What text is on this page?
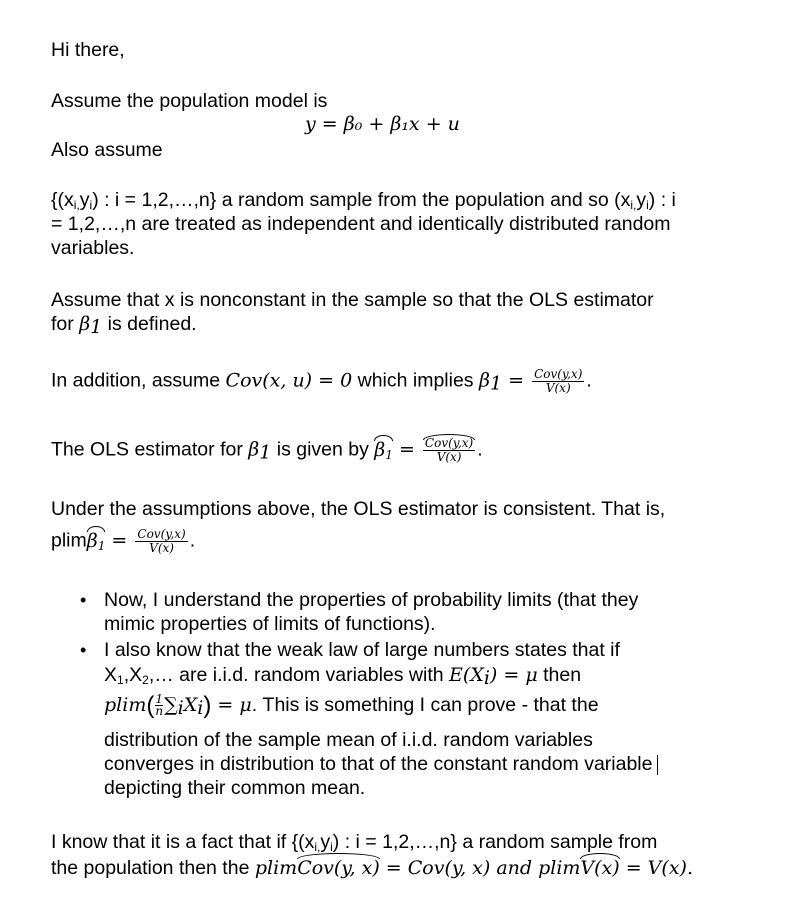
Hi there,
Assume the population model is
y = β₀ + β₁x + u
Also assume
{$(x_{i,}y_i)$ : i = 1,2,…,n} a random sample from the population and so $(x_{i,}y_i)$ : i
= 1,2,…,n are treated as independent and identically distributed random
variables.
Assume that x is nonconstant in the sample so that the OLS estimator
for $\beta_1$ is defined.
In addition, assume Cov(x, u) = 0 which implies $\beta_1 = \frac{\text{Cov(y,x)}}{V(x)}$ .
The OLS estimator for $\beta_1$ is given by $\beta_1 = \frac{\text{Cov(y,x)}}{V(x)}$ .
Under the assumptions above, the OLS estimator is consistent. That is,
$plim\beta_1 = \frac{\text{Cov(y,x)}}{V(x)}$ .
• Now, I understand the properties of probability limits (that they
mimic properties of limits of functions).
• I also know that the weak law of large numbers states that if
$X_1,X_2,\dots$ are i.i.d. random variables with $E(X_i) = \mu$ then
$plim( \frac{1}{n} \sum_iX_i) = \mu$. This is something I can prove - that the
distribution of the sample mean of i.i.d. random variables
converges in distribution to that of the constant random variable
depicting their common mean.
I know that it is a fact that if {$(x_{i,}y_i)$ : i = 1,2,…,n} a random sample from
the population then the plimCov(y, x) = Cov(y, x) and plimV(x) = V(x).
